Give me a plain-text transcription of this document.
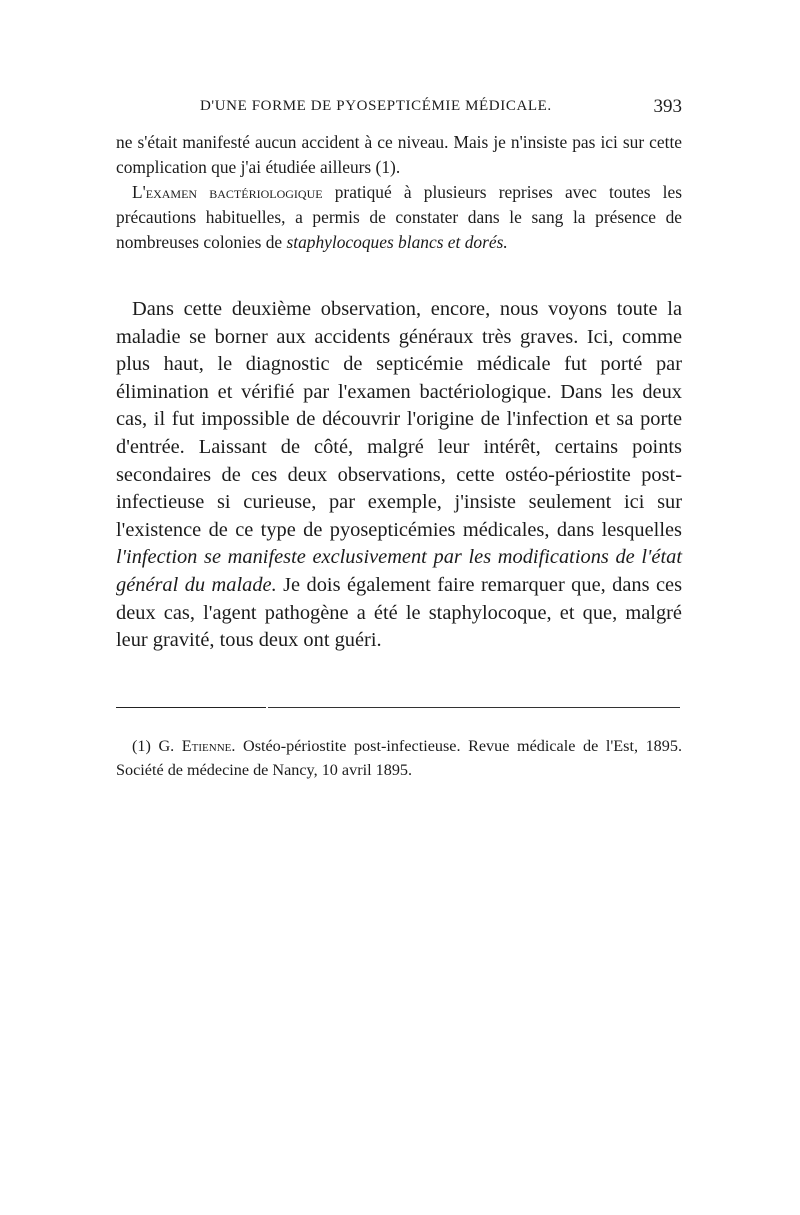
D'UNE FORME DE PYOSEPTICÉMIE MÉDICALE.	393

ne s'était manifesté aucun accident à ce niveau. Mais je n'insiste pas ici sur cette complication que j'ai étudiée ailleurs (1).

L'examen bactériologique pratiqué à plusieurs reprises avec toutes les précautions habituelles, a permis de constater dans le sang la présence de nombreuses colonies de staphylocoques blancs et dorés.

Dans cette deuxième observation, encore, nous voyons toute la maladie se borner aux accidents généraux très graves. Ici, comme plus haut, le diagnostic de septicémie médicale fut porté par élimination et vérifié par l'examen bactériologique. Dans les deux cas, il fut impossible de découvrir l'origine de l'infection et sa porte d'entrée. Laissant de côté, malgré leur intérêt, certains points secondaires de ces deux observations, cette ostéo-périostite post-infectieuse si curieuse, par exemple, j'insiste seulement ici sur l'existence de ce type de pyosepticémies médicales, dans lesquelles l'infection se manifeste exclusivement par les modifications de l'état général du malade. Je dois également faire remarquer que, dans ces deux cas, l'agent pathogène a été le staphylocoque, et que, malgré leur gravité, tous deux ont guéri.

(1) G. Etienne. Ostéo-périostite post-infectieuse. Revue médicale de l'Est, 1895. Société de médecine de Nancy, 10 avril 1895.
